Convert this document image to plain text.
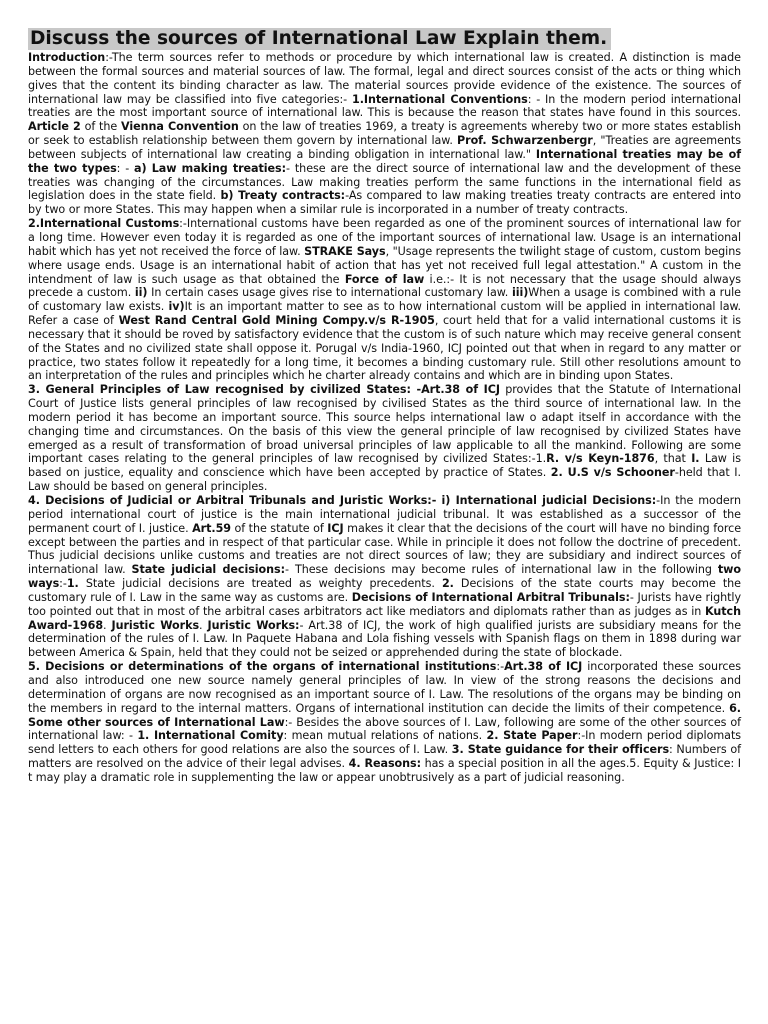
Discuss the sources of International Law Explain them.

Introduction:-The term sources refer to methods or procedure by which international law is created. A distinction is made between the formal sources and material sources of law. The formal, legal and direct sources consist of the acts or thing which gives that the content its binding character as law. The material sources provide evidence of the existence. The sources of international law may be classified into five categories:- 1.International Conventions: - In the modern period international treaties are the most important source of international law. This is because the reason that states have found in this sources. Article 2 of the Vienna Convention on the law of treaties 1969, a treaty is agreements whereby two or more states establish or seek to establish relationship between them govern by international law. Prof. Schwarzenbergr, "Treaties are agreements between subjects of international law creating a binding obligation in international law." International treaties may be of the two types: - a) Law making treaties:- these are the direct source of international law and the development of these treaties was changing of the circumstances. Law making treaties perform the same functions in the international field as legislation does in the state field. b) Treaty contracts:-As compared to law making treaties treaty contracts are entered into by two or more States. This may happen when a similar rule is incorporated in a number of treaty contracts.

2.International Customs:-International customs have been regarded as one of the prominent sources of international law for a long time. However even today it is regarded as one of the important sources of international law. Usage is an international habit which has yet not received the force of law. STRAKE Says, "Usage represents the twilight stage of custom, custom begins where usage ends. Usage is an international habit of action that has yet not received full legal attestation." A custom in the intendment of law is such usage as that obtained the Force of law i.e.:- It is not necessary that the usage should always precede a custom. ii) In certain cases usage gives rise to international customary law. iii)When a usage is combined with a rule of customary law exists. iv)It is an important matter to see as to how international custom will be applied in international law. Refer a case of West Rand Central Gold Mining Compy.v/s R-1905, court held that for a valid international customs it is necessary that it should be roved by satisfactory evidence that the custom is of such nature which may receive general consent of the States and no civilized state shall oppose it. Porugal v/s India-1960, ICJ pointed out that when in regard to any matter or practice, two states follow it repeatedly for a long time, it becomes a binding customary rule. Still other resolutions amount to an interpretation of the rules and principles which he charter already contains and which are in binding upon States.

3. General Principles of Law recognised by civilized States: -Art.38 of ICJ provides that the Statute of International Court of Justice lists general principles of law recognised by civilised States as the third source of international law. In the modern period it has become an important source. This source helps international law o adapt itself in accordance with the changing time and circumstances. On the basis of this view the general principle of law recognised by civilized States have emerged as a result of transformation of broad universal principles of law applicable to all the mankind. Following are some important cases relating to the general principles of law recognised by civilized States:-1.R. v/s Keyn-1876, that I. Law is based on justice, equality and conscience which have been accepted by practice of States. 2. U.S v/s Schooner-held that I. Law should be based on general principles.

4. Decisions of Judicial or Arbitral Tribunals and Juristic Works:- i) International judicial Decisions:-In the modern period international court of justice is the main international judicial tribunal. It was established as a successor of the permanent court of I. justice. Art.59 of the statute of ICJ makes it clear that the decisions of the court will have no binding force except between the parties and in respect of that particular case. While in principle it does not follow the doctrine of precedent. Thus judicial decisions unlike customs and treaties are not direct sources of law; they are subsidiary and indirect sources of international law. State judicial decisions:- These decisions may become rules of international law in the following two ways:-1. State judicial decisions are treated as weighty precedents. 2. Decisions of the state courts may become the customary rule of I. Law in the same way as customs are. Decisions of International Arbitral Tribunals:- Jurists have rightly too pointed out that in most of the arbitral cases arbitrators act like mediators and diplomats rather than as judges as in Kutch Award-1968. Juristic Works. Juristic Works:- Art.38 of ICJ, the work of high qualified jurists are subsidiary means for the determination of the rules of I. Law. In Paquete Habana and Lola fishing vessels with Spanish flags on them in 1898 during war between America & Spain, held that they could not be seized or apprehended during the state of blockade.

5. Decisions or determinations of the organs of international institutions:-Art.38 of ICJ incorporated these sources and also introduced one new source namely general principles of law. In view of the strong reasons the decisions and determination of organs are now recognised as an important source of I. Law. The resolutions of the organs may be binding on the members in regard to the internal matters. Organs of international institution can decide the limits of their competence. 6. Some other sources of International Law:- Besides the above sources of I. Law, following are some of the other sources of international law: - 1. International Comity: mean mutual relations of nations. 2. State Paper:-In modern period diplomats send letters to each others for good relations are also the sources of I. Law. 3. State guidance for their officers: Numbers of matters are resolved on the advice of their legal advises. 4. Reasons: has a special position in all the ages.5. Equity & Justice: I t may play a dramatic role in supplementing the law or appear unobtrusively as a part of judicial reasoning.
